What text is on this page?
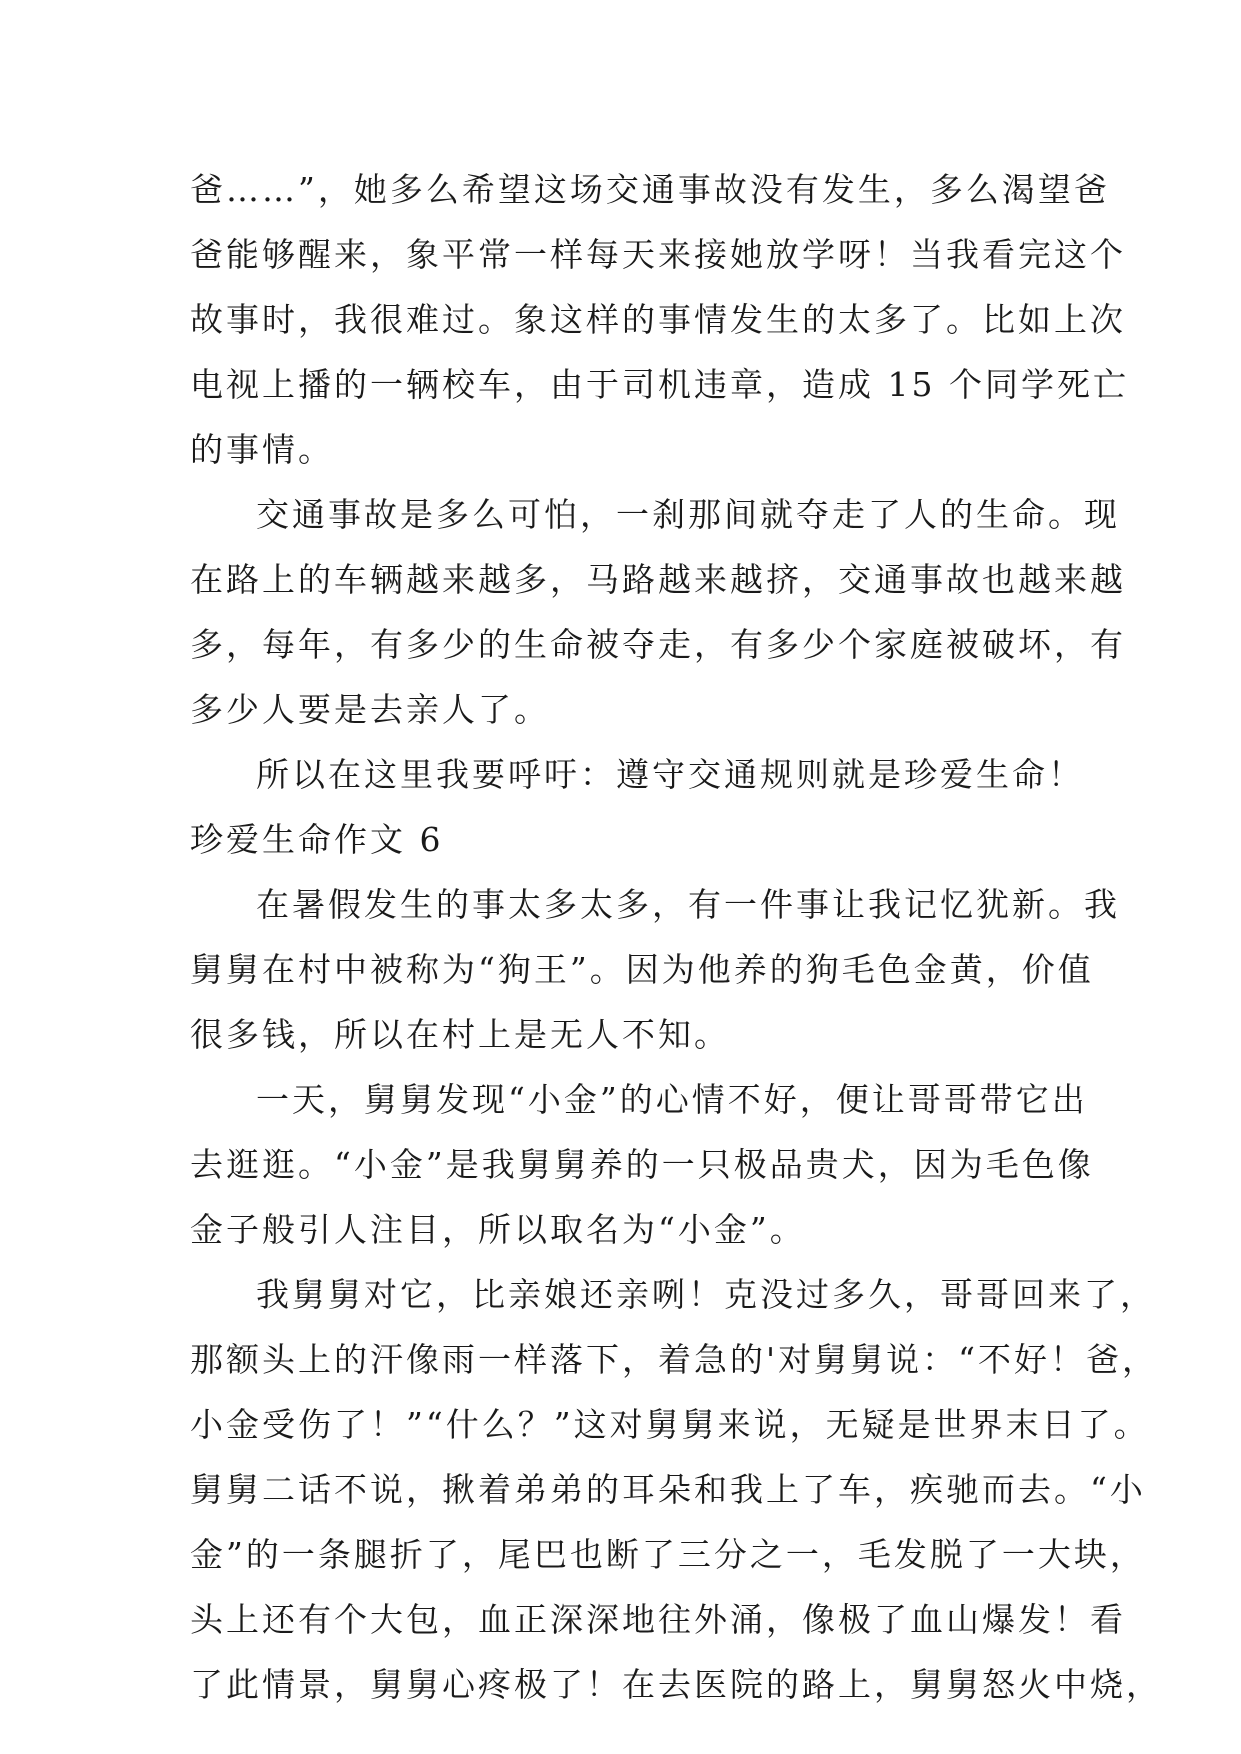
爸……”，她多么希望这场交通事故没有发生，多么渴望爸
爸能够醒来，象平常一样每天来接她放学呀！当我看完这个
故事时，我很难过。象这样的事情发生的太多了。比如上次
电视上播的一辆校车，由于司机违章，造成 15 个同学死亡
的事情。
交通事故是多么可怕，一刹那间就夺走了人的生命。现
在路上的车辆越来越多，马路越来越挤，交通事故也越来越
多，每年，有多少的生命被夺走，有多少个家庭被破坏，有
多少人要是去亲人了。
所以在这里我要呼吁：遵守交通规则就是珍爱生命！
珍爱生命作文 6
在暑假发生的事太多太多，有一件事让我记忆犹新。我
舅舅在村中被称为“狗王”。因为他养的狗毛色金黄，价值
很多钱，所以在村上是无人不知。
一天，舅舅发现“小金”的心情不好，便让哥哥带它出
去逛逛。“小金”是我舅舅养的一只极品贵犬，因为毛色像
金子般引人注目，所以取名为“小金”。
我舅舅对它，比亲娘还亲咧！克没过多久，哥哥回来了，
那额头上的汗像雨一样落下，着急的'对舅舅说：“不好！爸，
小金受伤了！”“什么？”这对舅舅来说，无疑是世界末日了。
舅舅二话不说，揪着弟弟的耳朵和我上了车，疾驰而去。“小
金”的一条腿折了，尾巴也断了三分之一，毛发脱了一大块，
头上还有个大包，血正深深地往外涌，像极了血山爆发！看
了此情景，舅舅心疼极了！在去医院的路上，舅舅怒火中烧，
